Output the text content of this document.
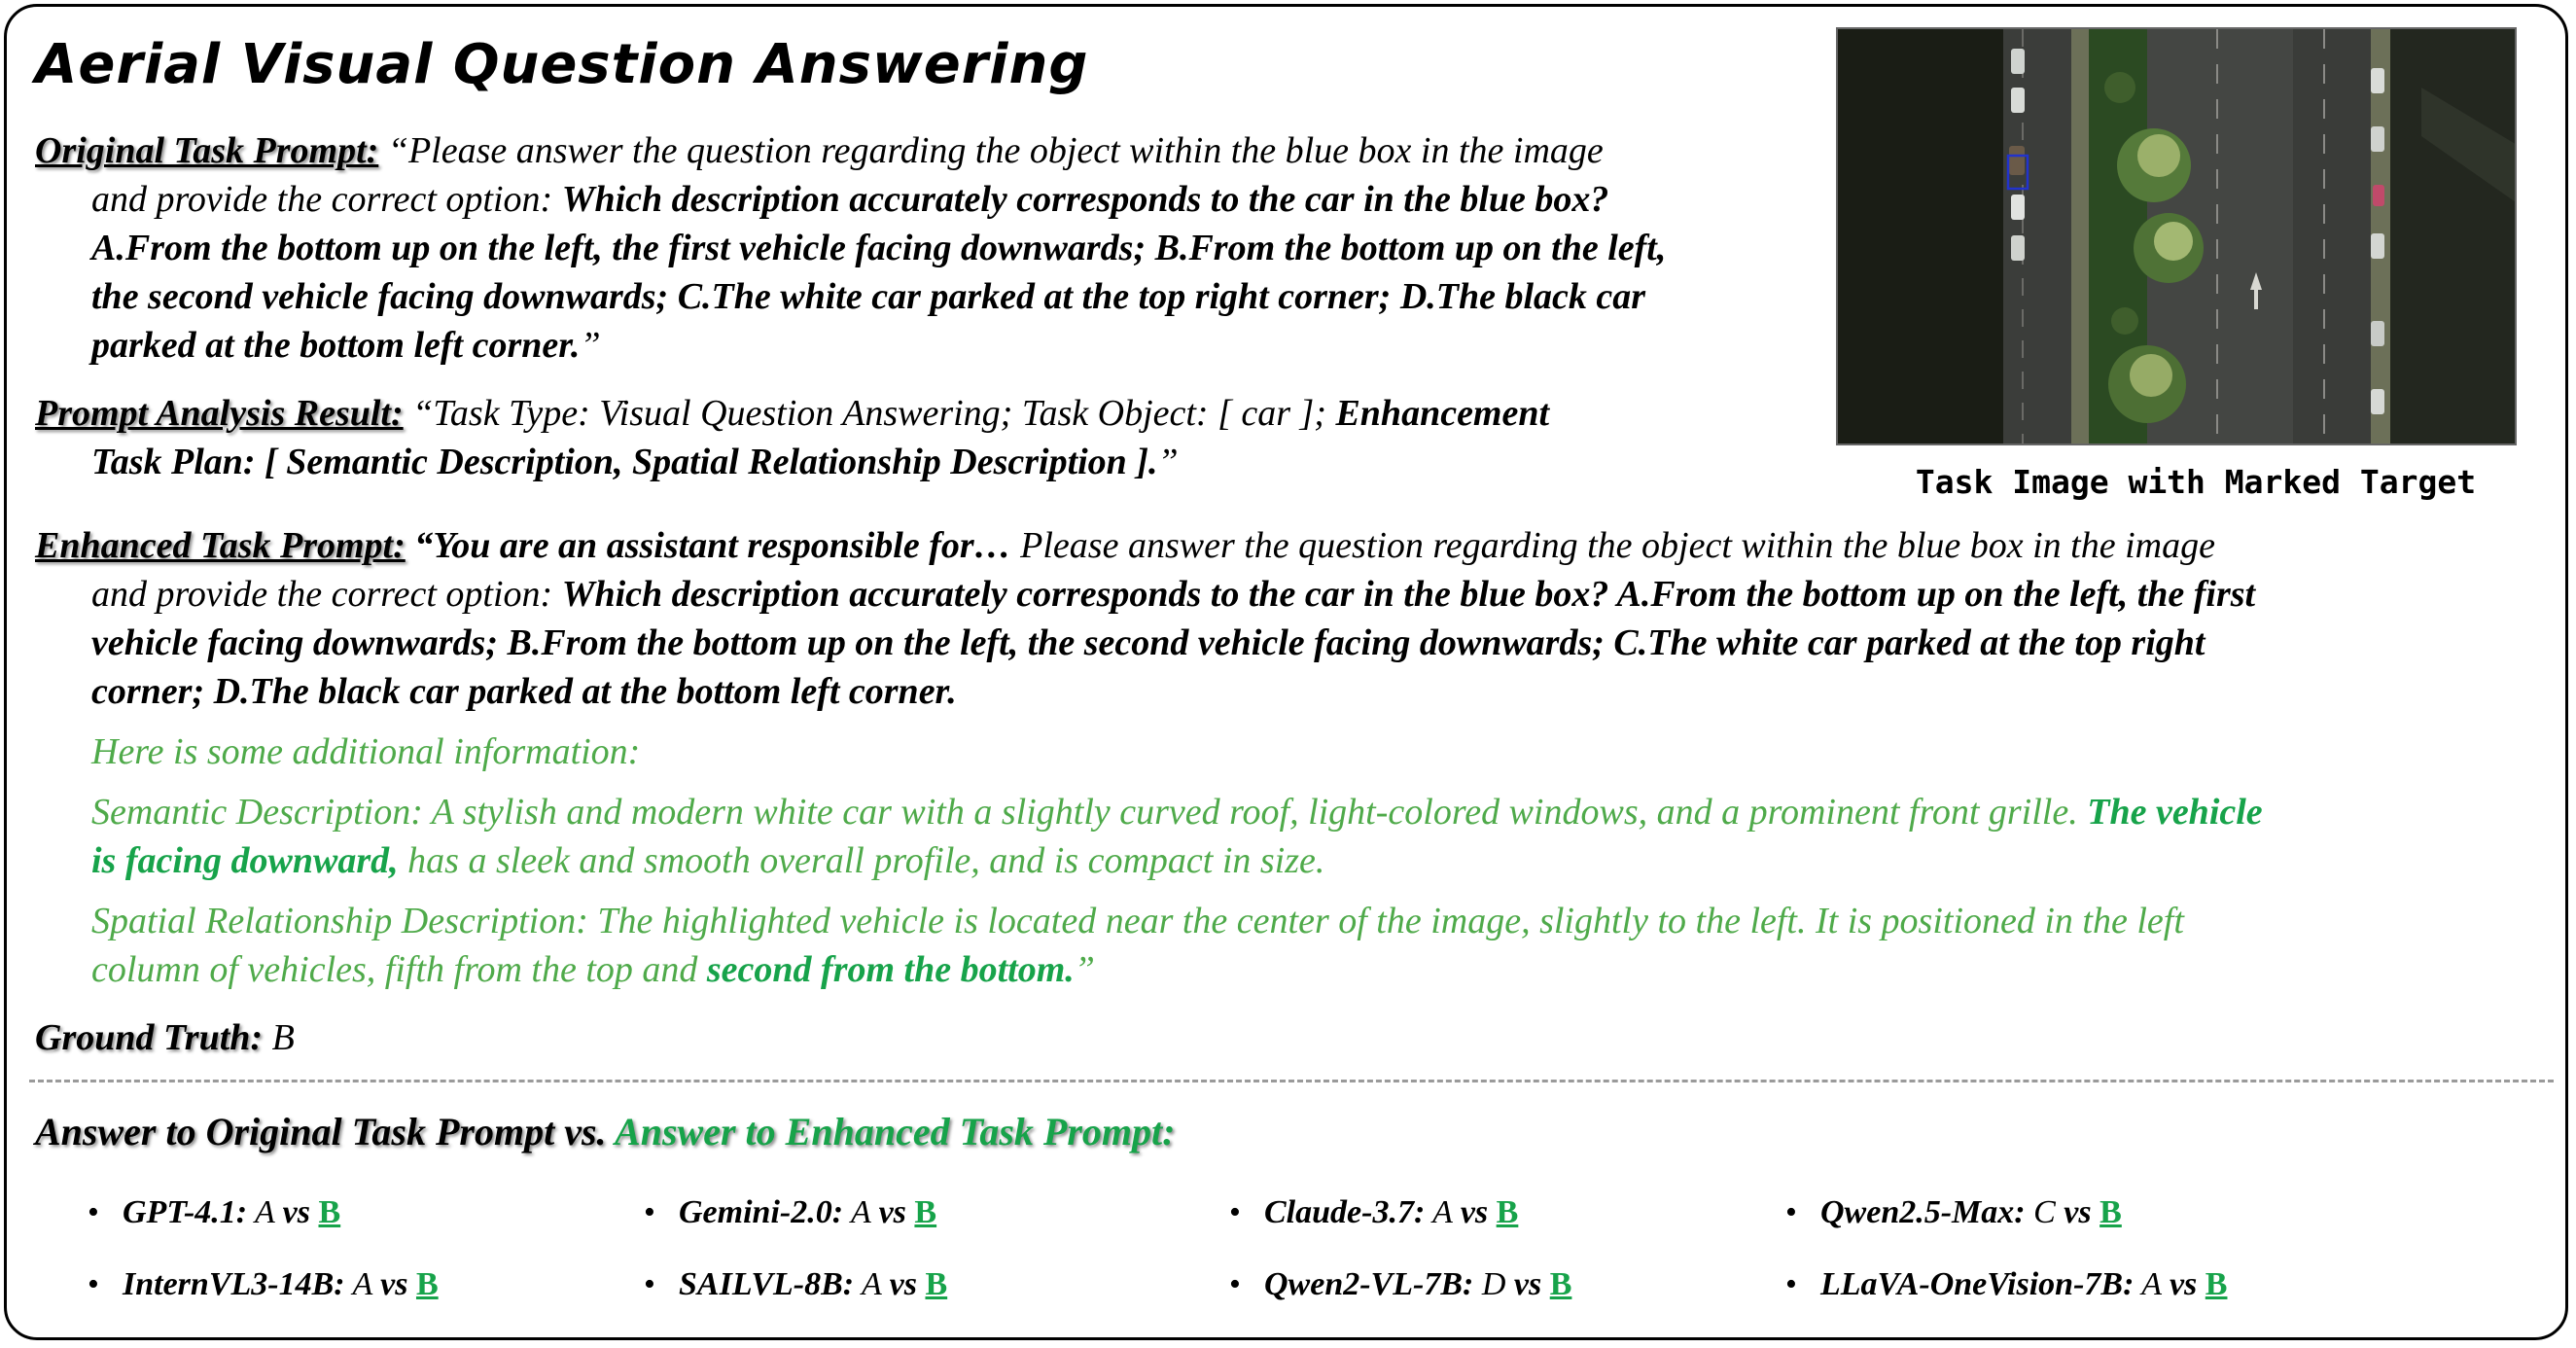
Aerial Visual Question Answering
Original Task Prompt: “Please answer the question regarding the object within the blue box in the image
and provide the correct option: Which description accurately corresponds to the car in the blue box?
A.From the bottom up on the left, the first vehicle facing downwards; B.From the bottom up on the left,
the second vehicle facing downwards; C.The white car parked at the top right corner; D.The black car
parked at the bottom left corner.”
Prompt Analysis Result: “Task Type: Visual Question Answering; Task Object: [ car ]; Enhancement
Task Plan: [ Semantic Description, Spatial Relationship Description ].”	Task Image with Marked Target
Enhanced Task Prompt: “You are an assistant responsible for… Please answer the question regarding the object within the blue box in the image
and provide the correct option: Which description accurately corresponds to the car in the blue box? A.From the bottom up on the left, the first
vehicle facing downwards; B.From the bottom up on the left, the second vehicle facing downwards; C.The white car parked at the top right
corner; D.The black car parked at the bottom left corner.
Here is some additional information:
Semantic Description: A stylish and modern white car with a slightly curved roof, light-colored windows, and a prominent front grille. The vehicle
is facing downward, has a sleek and smooth overall profile, and is compact in size.
Spatial Relationship Description: The highlighted vehicle is located near the center of the image, slightly to the left. It is positioned in the left
column of vehicles, fifth from the top and second from the bottom.”
Ground Truth: B
Answer to Original Task Prompt vs. Answer to Enhanced Task Prompt:
• GPT-4.1: A vs B	• Gemini-2.0: A vs B	• Claude-3.7: A vs B	• Qwen2.5-Max: C vs B
• InternVL3-14B: A vs B	• SAILVL-8B: A vs B	• Qwen2-VL-7B: D vs B	• LLaVA-OneVision-7B: A vs B
